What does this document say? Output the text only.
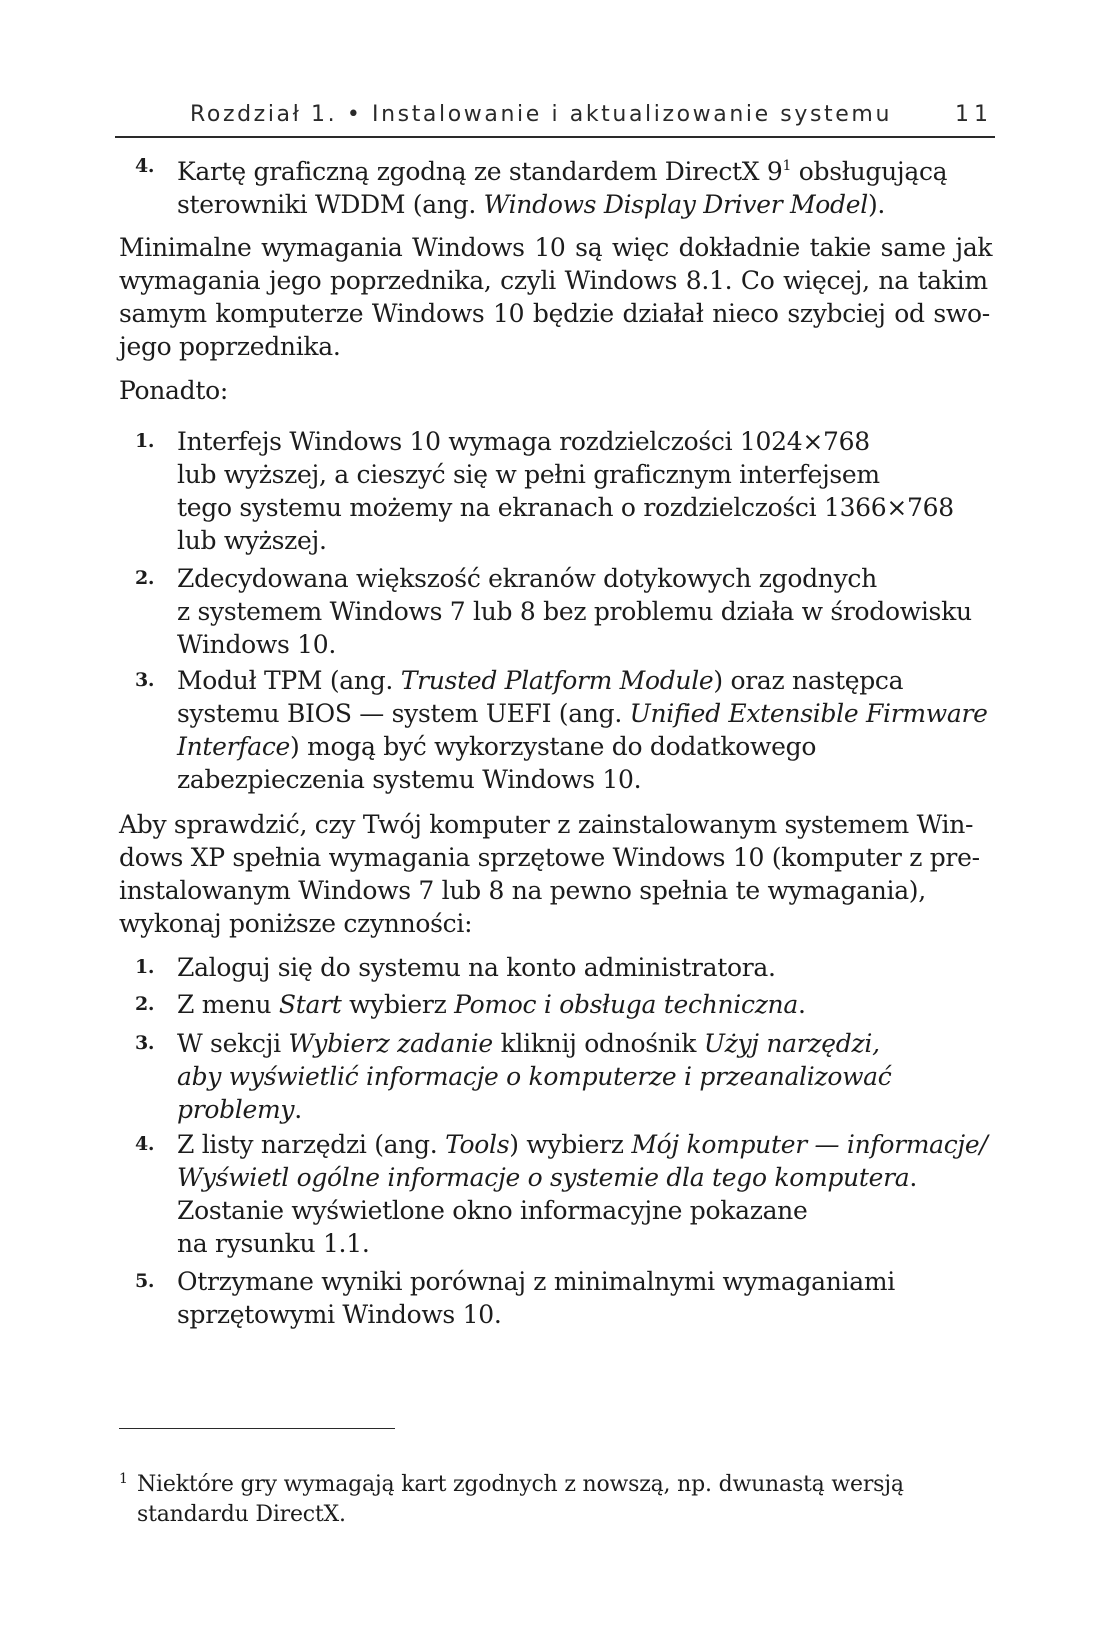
Rozdział 1. • Instalowanie i aktualizowanie systemu	11
4. Kartę graficzną zgodną ze standardem DirectX $9^1$ obsługującą
sterowniki WDDM (ang. Windows Display Driver Model).
Minimalne wymagania Windows 10 są więc dokładnie takie same jak
wymagania jego poprzednika, czyli Windows 8.1. Co więcej, na takim
samym komputerze Windows 10 będzie działał nieco szybciej od swo-
jego poprzednika.
Ponadto:
1. Interfejs Windows 10 wymaga rozdzielczości 1024×768
lub wyższej, a cieszyć się w pełni graficznym interfejsem
tego systemu możemy na ekranach o rozdzielczości 1366×768
lub wyższej.
2. Zdecydowana większość ekranów dotykowych zgodnych
z systemem Windows 7 lub 8 bez problemu działa w środowisku
Windows 10.
3. Moduł TPM (ang. Trusted Platform Module) oraz następca
systemu BIOS — system UEFI (ang. Unified Extensible Firmware
Interface) mogą być wykorzystane do dodatkowego
zabezpieczenia systemu Windows 10.
Aby sprawdzić, czy Twój komputer z zainstalowanym systemem Win-
dows XP spełnia wymagania sprzętowe Windows 10 (komputer z pre-
instalowanym Windows 7 lub 8 na pewno spełnia te wymagania),
wykonaj poniższe czynności:
1. Zaloguj się do systemu na konto administratora.
2. Z menu Start wybierz Pomoc i obsługa techniczna.
3. W sekcji Wybierz zadanie kliknij odnośnik Użyj narzędzi,
aby wyświetlić informacje o komputerze i przeanalizować
problemy.
4. Z listy narzędzi (ang. Tools) wybierz Mój komputer — informacje/
Wyświetl ogólne informacje o systemie dla tego komputera.
Zostanie wyświetlone okno informacyjne pokazane
na rysunku 1.1.
5. Otrzymane wyniki porównaj z minimalnymi wymaganiami
sprzętowymi Windows 10.
1 Niektóre gry wymagają kart zgodnych z nowszą, np. dwunastą wersją
standardu DirectX.
